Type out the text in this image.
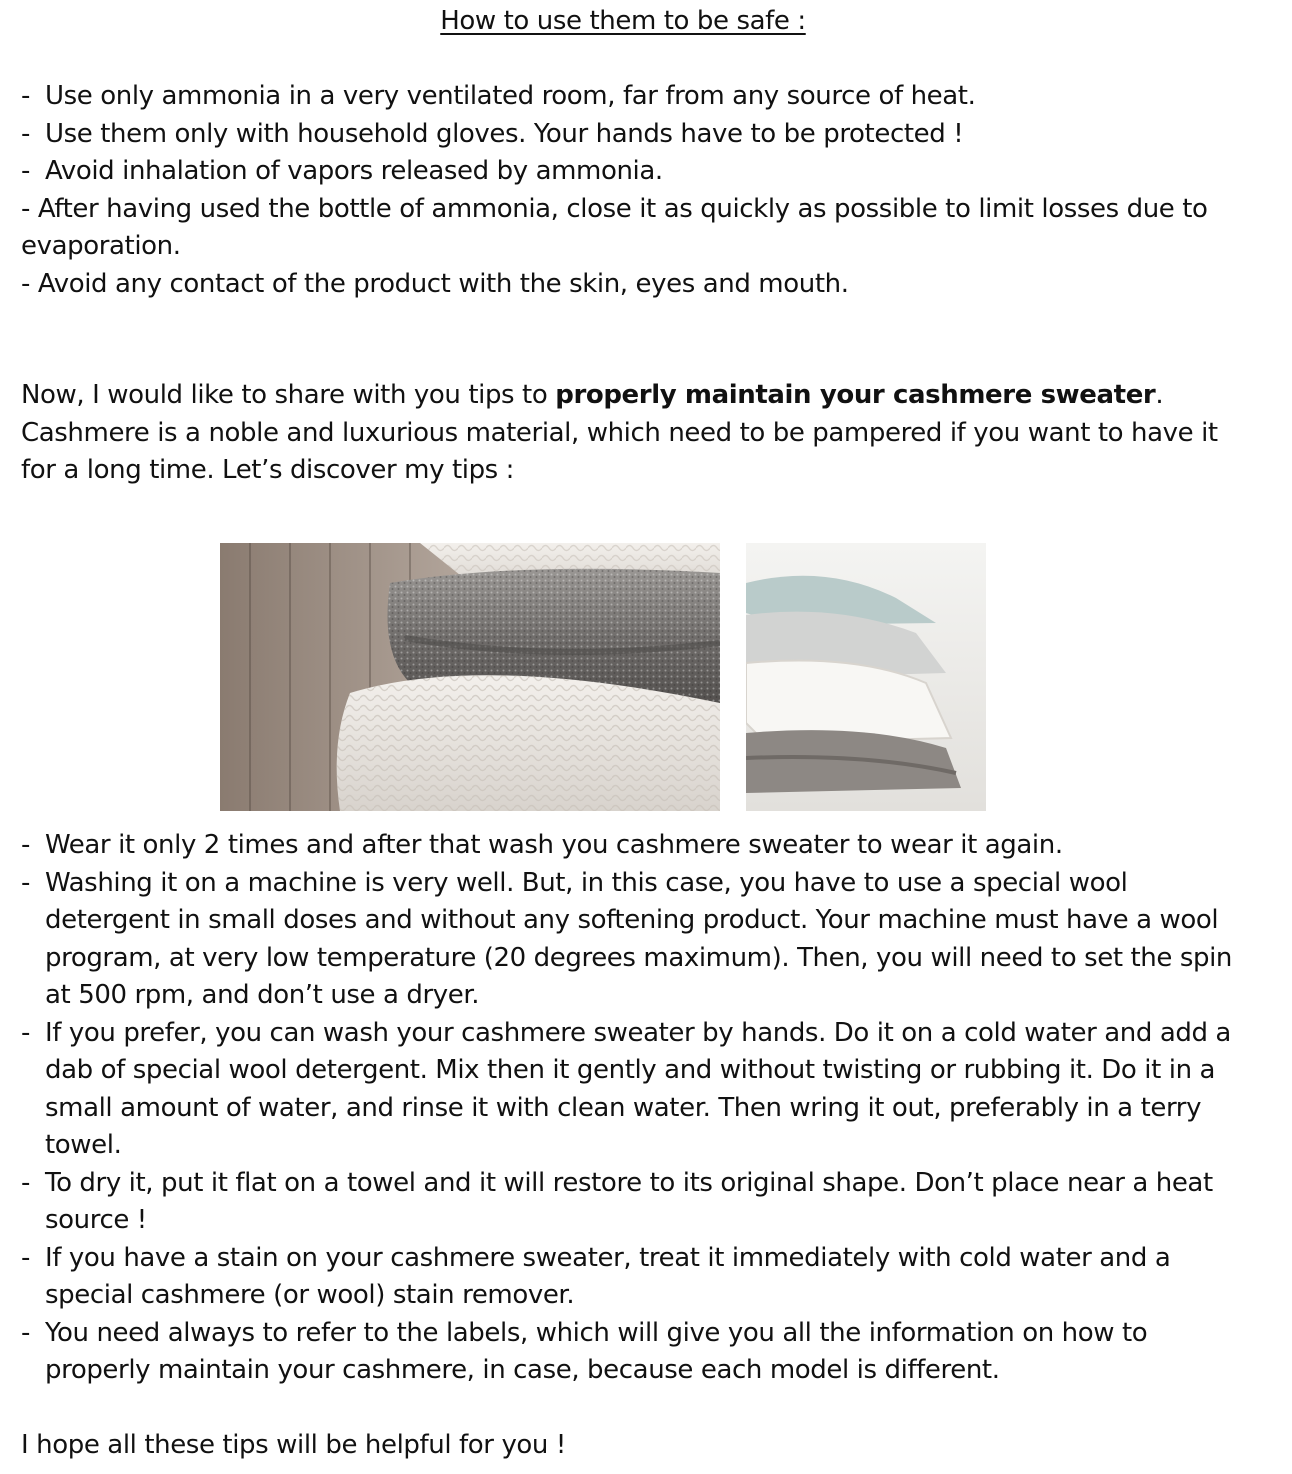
How to use them to be safe :
- Use only ammonia in a very ventilated room, far from any source of heat.
- Use them only with household gloves. Your hands have to be protected !
- Avoid inhalation of vapors released by ammonia.
- After having used the bottle of ammonia, close it as quickly as possible to limit losses due to evaporation.
- Avoid any contact of the product with the skin, eyes and mouth.

Now, I would like to share with you tips to properly maintain your cashmere sweater.
Cashmere is a noble and luxurious material, which need to be pampered if you want to have it for a long time. Let’s discover my tips :

- Wear it only 2 times and after that wash you cashmere sweater to wear it again.
- Washing it on a machine is very well. But, in this case, you have to use a special wool detergent in small doses and without any softening product. Your machine must have a wool program, at very low temperature (20 degrees maximum). Then, you will need to set the spin at 500 rpm, and don’t use a dryer.
- If you prefer, you can wash your cashmere sweater by hands. Do it on a cold water and add a dab of special wool detergent. Mix then it gently and without twisting or rubbing it. Do it in a small amount of water, and rinse it with clean water. Then wring it out, preferably in a terry towel.
- To dry it, put it flat on a towel and it will restore to its original shape. Don’t place near a heat source !
- If you have a stain on your cashmere sweater, treat it immediately with cold water and a special cashmere (or wool) stain remover.
- You need always to refer to the labels, which will give you all the information on how to properly maintain your cashmere, in case, because each model is different.

I hope all these tips will be helpful for you !
